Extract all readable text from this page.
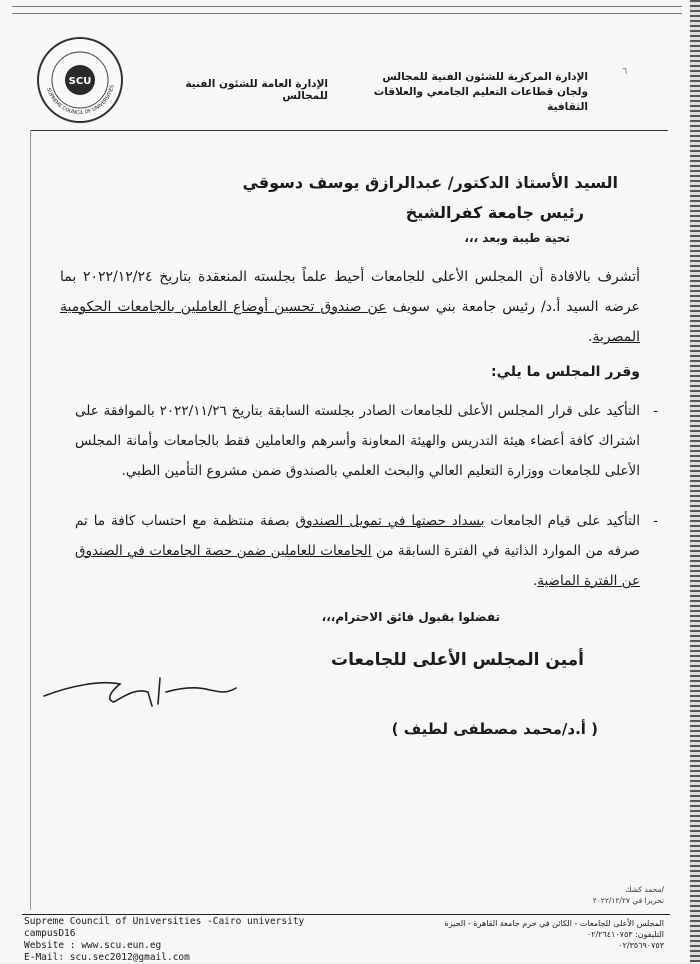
٦
SCU
SUPREME COUNCIL OF UNIVERSITIES
الإدارة المركزية للشئون الفنية للمجالس
ولجان قطاعات التعليم الجامعي والعلاقات الثقافية
الإدارة العامة للشئون الفنية للمجالس
السيد الأستاذ الدكتور/ عبدالرازق يوسف دسوقي
رئيس جامعة كفرالشيخ
تحية طيبة وبعد ،،،
أتشرف بالافادة أن المجلس الأعلى للجامعات أحيط علماً بجلسته المنعقدة بتاريخ ٢٠٢٢/١٢/٢٤ بما عرضه السيد أ.د/ رئيس جامعة بني سويف عن صندوق تحسين أوضاع العاملين بالجامعات الحكومية المصرية.
وقرر المجلس ما يلي:
-
التأكيد على قرار المجلس الأعلى للجامعات الصادر بجلسته السابقة بتاريخ ٢٠٢٢/١١/٢٦ بالموافقة على اشتراك كافة أعضاء هيئة التدريس والهيئة المعاونة وأسرهم والعاملين فقط بالجامعات وأمانة المجلس الأعلى للجامعات ووزارة التعليم العالي والبحث العلمي بالصندوق ضمن مشروع التأمين الطبي.
-
التأكيد على قيام الجامعات بسداد حصتها في تمويل الصندوق بصفة منتظمة مع احتساب كافة ما تم صرفه من الموارد الذاتية في الفترة السابقة من الجامعات للعاملين ضمن حصة الجامعات في الصندوق عن الفترة الماضية.
تفضلوا بقبول فائق الاحترام،،،
أمين المجلس الأعلى للجامعات
( أ.د/محمد مصطفى لطيف )
/محمد كشك
تحريرا في ٢٠٢٢/١٢/٢٧
Supreme Council of Universities -Cairo university campusD16
Website : www.scu.eun.eg
E-Mail: scu.sec2012@gmail.com
المجلس الأعلى للجامعات - الكائن في حرم جامعة القاهرة - الجيزة
التليفون: ٠٢/٢٦٤١٠٧٥٣
٠٢/٣٥٦٩٠٧٥٣
